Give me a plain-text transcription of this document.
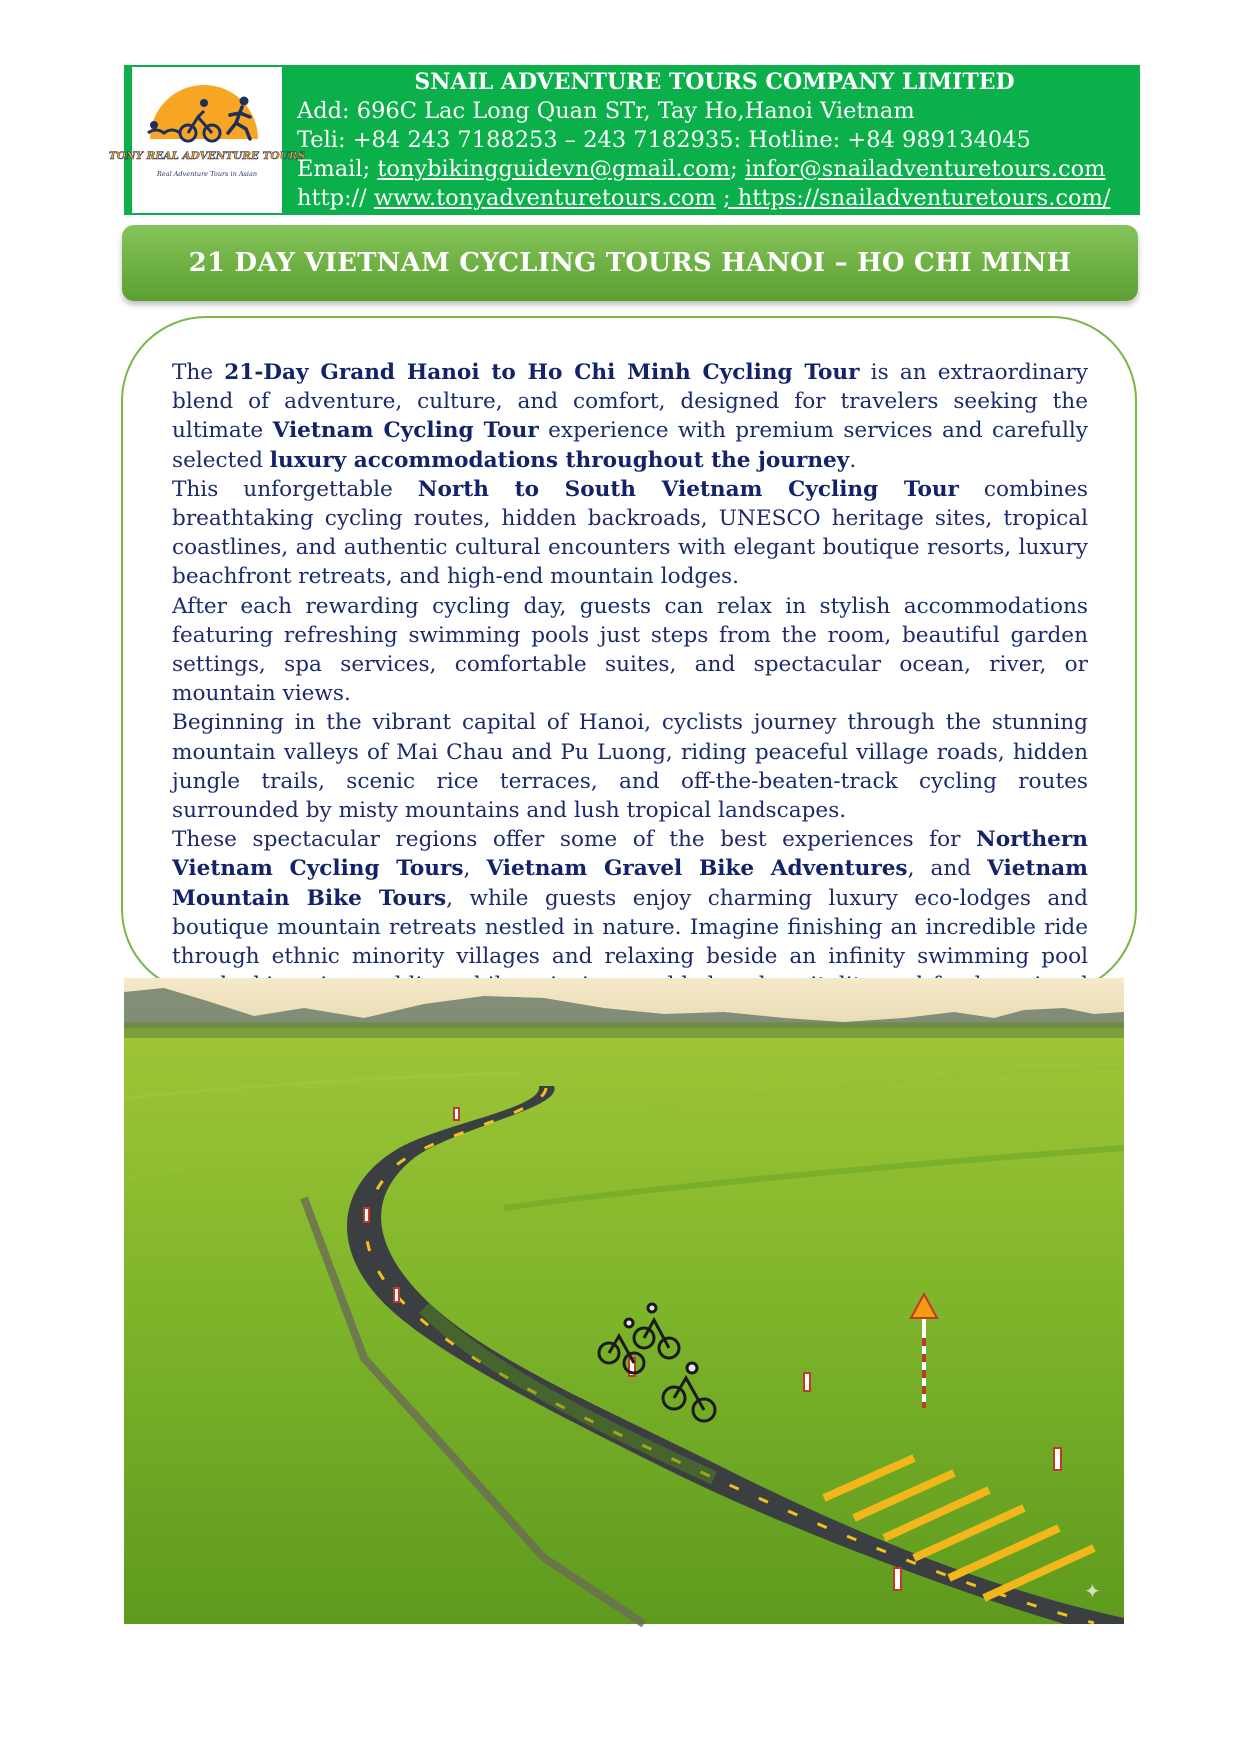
TONY REAL ADVENTURE TOURS
Real Adventure Tours in Asian
SNAIL ADVENTURE TOURS COMPANY LIMITED
Add: 696C Lac Long Quan STr, Tay Ho,Hanoi Vietnam
Teli: +84 243 7188253 – 243 7182935: Hotline: +84 989134045
Email; tonybikingguidevn@gmail.com; infor@snailadventuretours.com
http:// www.tonyadventuretours.com ; https://snailadventuretours.com/
21 DAY VIETNAM CYCLING TOURS HANOI – HO CHI MINH

The 21-Day Grand Hanoi to Ho Chi Minh Cycling Tour is an extraordinary blend of adventure, culture, and comfort, designed for travelers seeking the ultimate Vietnam Cycling Tour experience with premium services and carefully selected luxury accommodations throughout the journey.

This unforgettable North to South Vietnam Cycling Tour combines breathtaking cycling routes, hidden backroads, UNESCO heritage sites, tropical coastlines, and authentic cultural encounters with elegant boutique resorts, luxury beachfront retreats, and high-end mountain lodges.

After each rewarding cycling day, guests can relax in stylish accommodations featuring refreshing swimming pools just steps from the room, beautiful garden settings, spa services, comfortable suites, and spectacular ocean, river, or mountain views.

Beginning in the vibrant capital of Hanoi, cyclists journey through the stunning mountain valleys of Mai Chau and Pu Luong, riding peaceful village roads, hidden jungle trails, scenic rice terraces, and off-the-beaten-track cycling routes surrounded by misty mountains and lush tropical landscapes.

These spectacular regions offer some of the best experiences for Northern Vietnam Cycling Tours, Vietnam Gravel Bike Adventures, and Vietnam Mountain Bike Tours, while guests enjoy charming luxury eco-lodges and boutique mountain retreats nestled in nature. Imagine finishing an incredible ride through ethnic minority villages and relaxing beside an infinity swimming pool

✦
